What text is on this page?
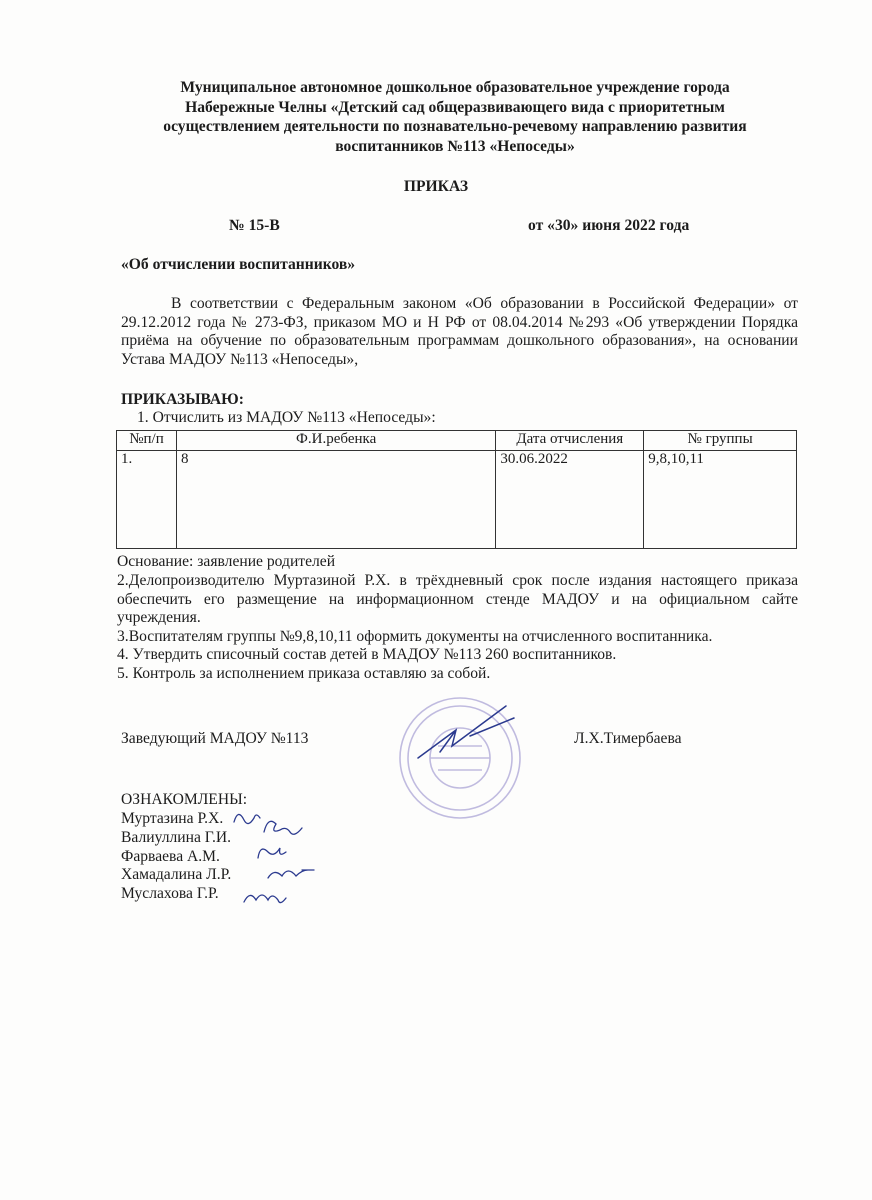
Муниципальное автономное дошкольное образовательное учреждение города
Набережные Челны «Детский сад общеразвивающего вида с приоритетным
осуществлением деятельности по познавательно-речевому направлению развития
воспитанников №113 «Непоседы»
ПРИКАЗ
№ 15-В	от «30» июня 2022 года
«Об отчислении воспитанников»
В соответствии с Федеральным законом «Об образовании в Российской Федерации» от 29.12.2012 года № 273-ФЗ, приказом МО и Н РФ от 08.04.2014 №293 «Об утверждении Порядка приёма на обучение по образовательным программам дошкольного образования», на основании Устава МАДОУ №113 «Непоседы»,
ПРИКАЗЫВАЮ:
1. Отчислить из МАДОУ №113 «Непоседы»:
№п/п	Ф.И.ребенка	Дата отчисления	№ группы
1.	8	30.06.2022	9,8,10,11
Основание: заявление родителей

2.Делопроизводителю Муртазиной Р.Х. в трёхдневный срок после издания настоящего приказа обеспечить его размещение на информационном стенде МАДОУ и на официальном сайте учреждения.

3.Воспитателям группы №9,8,10,11 оформить документы на отчисленного воспитанника.

4. Утвердить списочный состав детей в МАДОУ №113 260 воспитанников.

5. Контроль за исполнением приказа оставляю за собой.

Заведующий МАДОУ №113	Л.Х.Тимербаева
ОЗНАКОМЛЕНЫ:
Муртазина Р.Х.
Валиуллина Г.И.
Фарваева А.М.
Хамадалина Л.Р.
Муслахова Г.Р.
